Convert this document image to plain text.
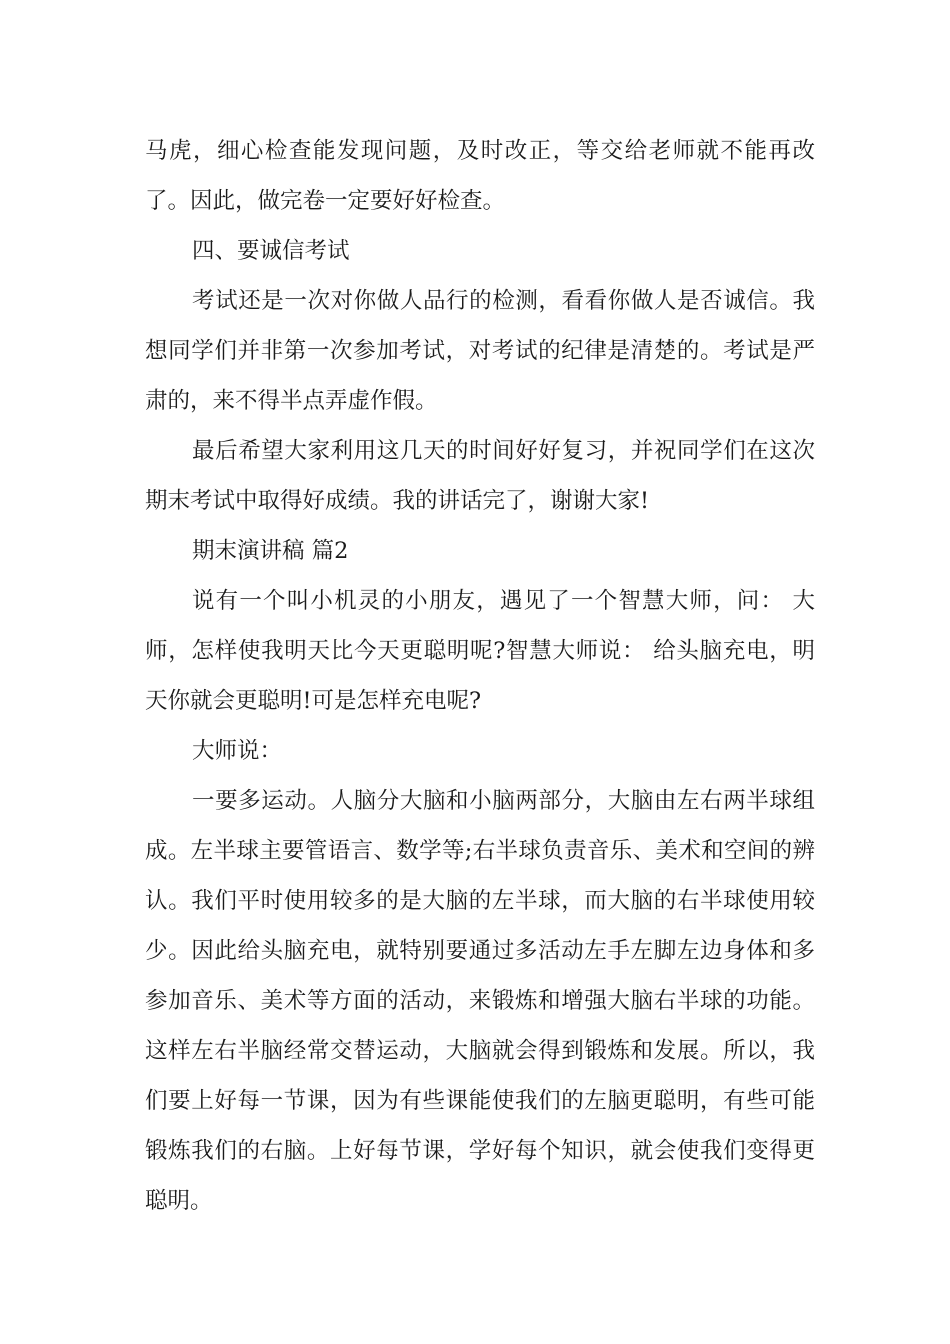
马虎，细心检查能发现问题，及时改正，等交给老师就不能再改
了。因此，做完卷一定要好好检查。
四、要诚信考试
考试还是一次对你做人品行的检测，看看你做人是否诚信。我
想同学们并非第一次参加考试，对考试的纪律是清楚的。考试是严
肃的，来不得半点弄虚作假。
最后希望大家利用这几天的时间好好复习，并祝同学们在这次
期末考试中取得好成绩。我的讲话完了，谢谢大家!
期末演讲稿 篇2
说有一个叫小机灵的小朋友，遇见了一个智慧大师，问： 大
师，怎样使我明天比今天更聪明呢?智慧大师说： 给头脑充电，明
天你就会更聪明!可是怎样充电呢?
大师说：
一要多运动。人脑分大脑和小脑两部分，大脑由左右两半球组
成。左半球主要管语言、数学等;右半球负责音乐、美术和空间的辨
认。我们平时使用较多的是大脑的左半球，而大脑的右半球使用较
少。因此给头脑充电，就特别要通过多活动左手左脚左边身体和多
参加音乐、美术等方面的活动，来锻炼和增强大脑右半球的功能。
这样左右半脑经常交替运动，大脑就会得到锻炼和发展。所以，我
们要上好每一节课，因为有些课能使我们的左脑更聪明，有些可能
锻炼我们的右脑。上好每节课，学好每个知识，就会使我们变得更
聪明。
